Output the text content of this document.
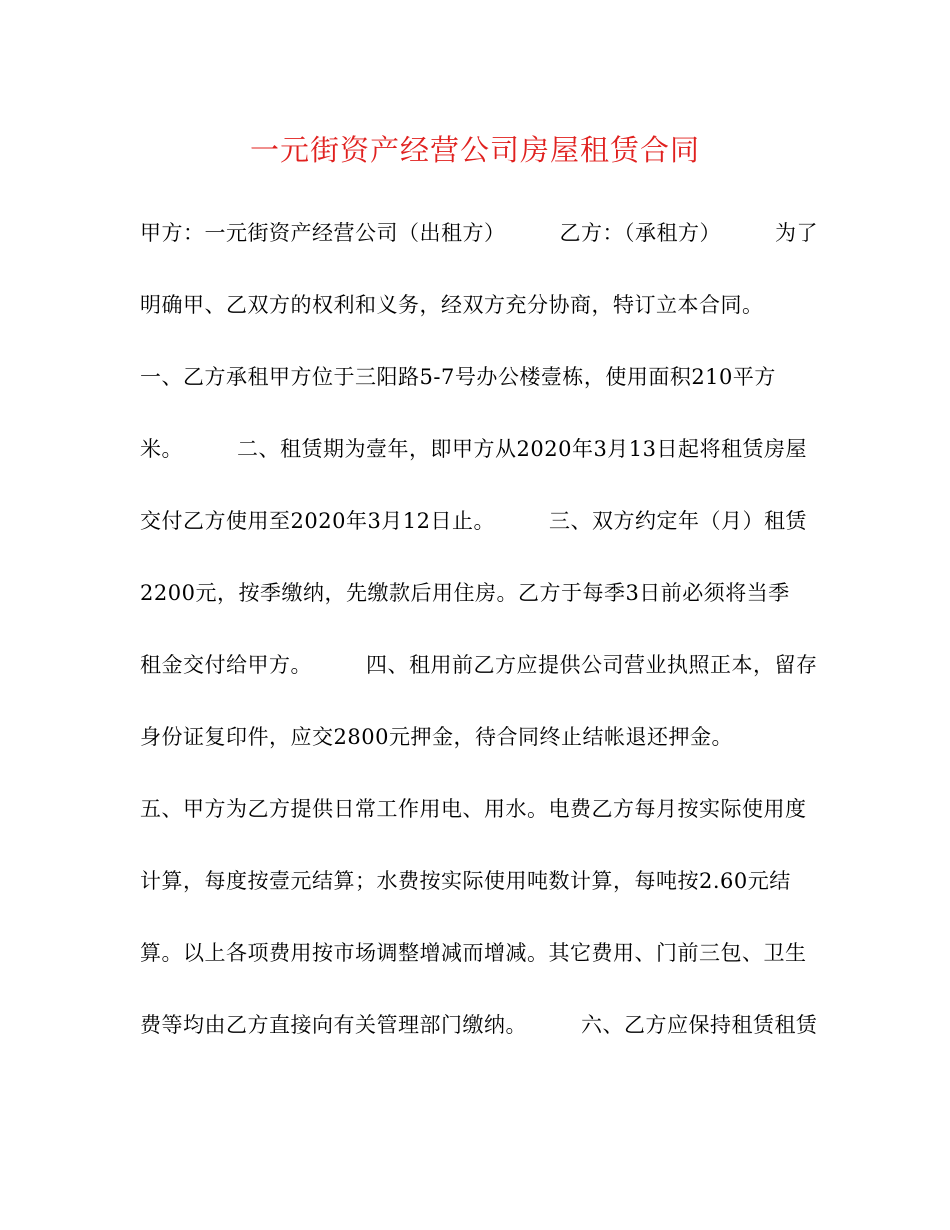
一元街资产经营公司房屋租赁合同
甲方：一元街资产经营公司（出租方）　　　乙方：（承租方）　　　为了
明确甲、乙双方的权利和义务，经双方充分协商，特订立本合同。
一、乙方承租甲方位于三阳路5-7号办公楼壹栋，使用面积210平方
米。　　　二、租赁期为壹年，即甲方从2020年3月13日起将租赁房屋
交付乙方使用至2020年3月12日止。　　　三、双方约定年（月）租赁
2200元，按季缴纳，先缴款后用住房。乙方于每季3日前必须将当季
租金交付给甲方。　　　四、租用前乙方应提供公司营业执照正本，留存
身份证复印件，应交2800元押金，待合同终止结帐退还押金。
五、甲方为乙方提供日常工作用电、用水。电费乙方每月按实际使用度
计算，每度按壹元结算；水费按实际使用吨数计算，每吨按2.60元结
算。以上各项费用按市场调整增减而增减。其它费用、门前三包、卫生
费等均由乙方直接向有关管理部门缴纳。　　　六、乙方应保持租赁租赁
